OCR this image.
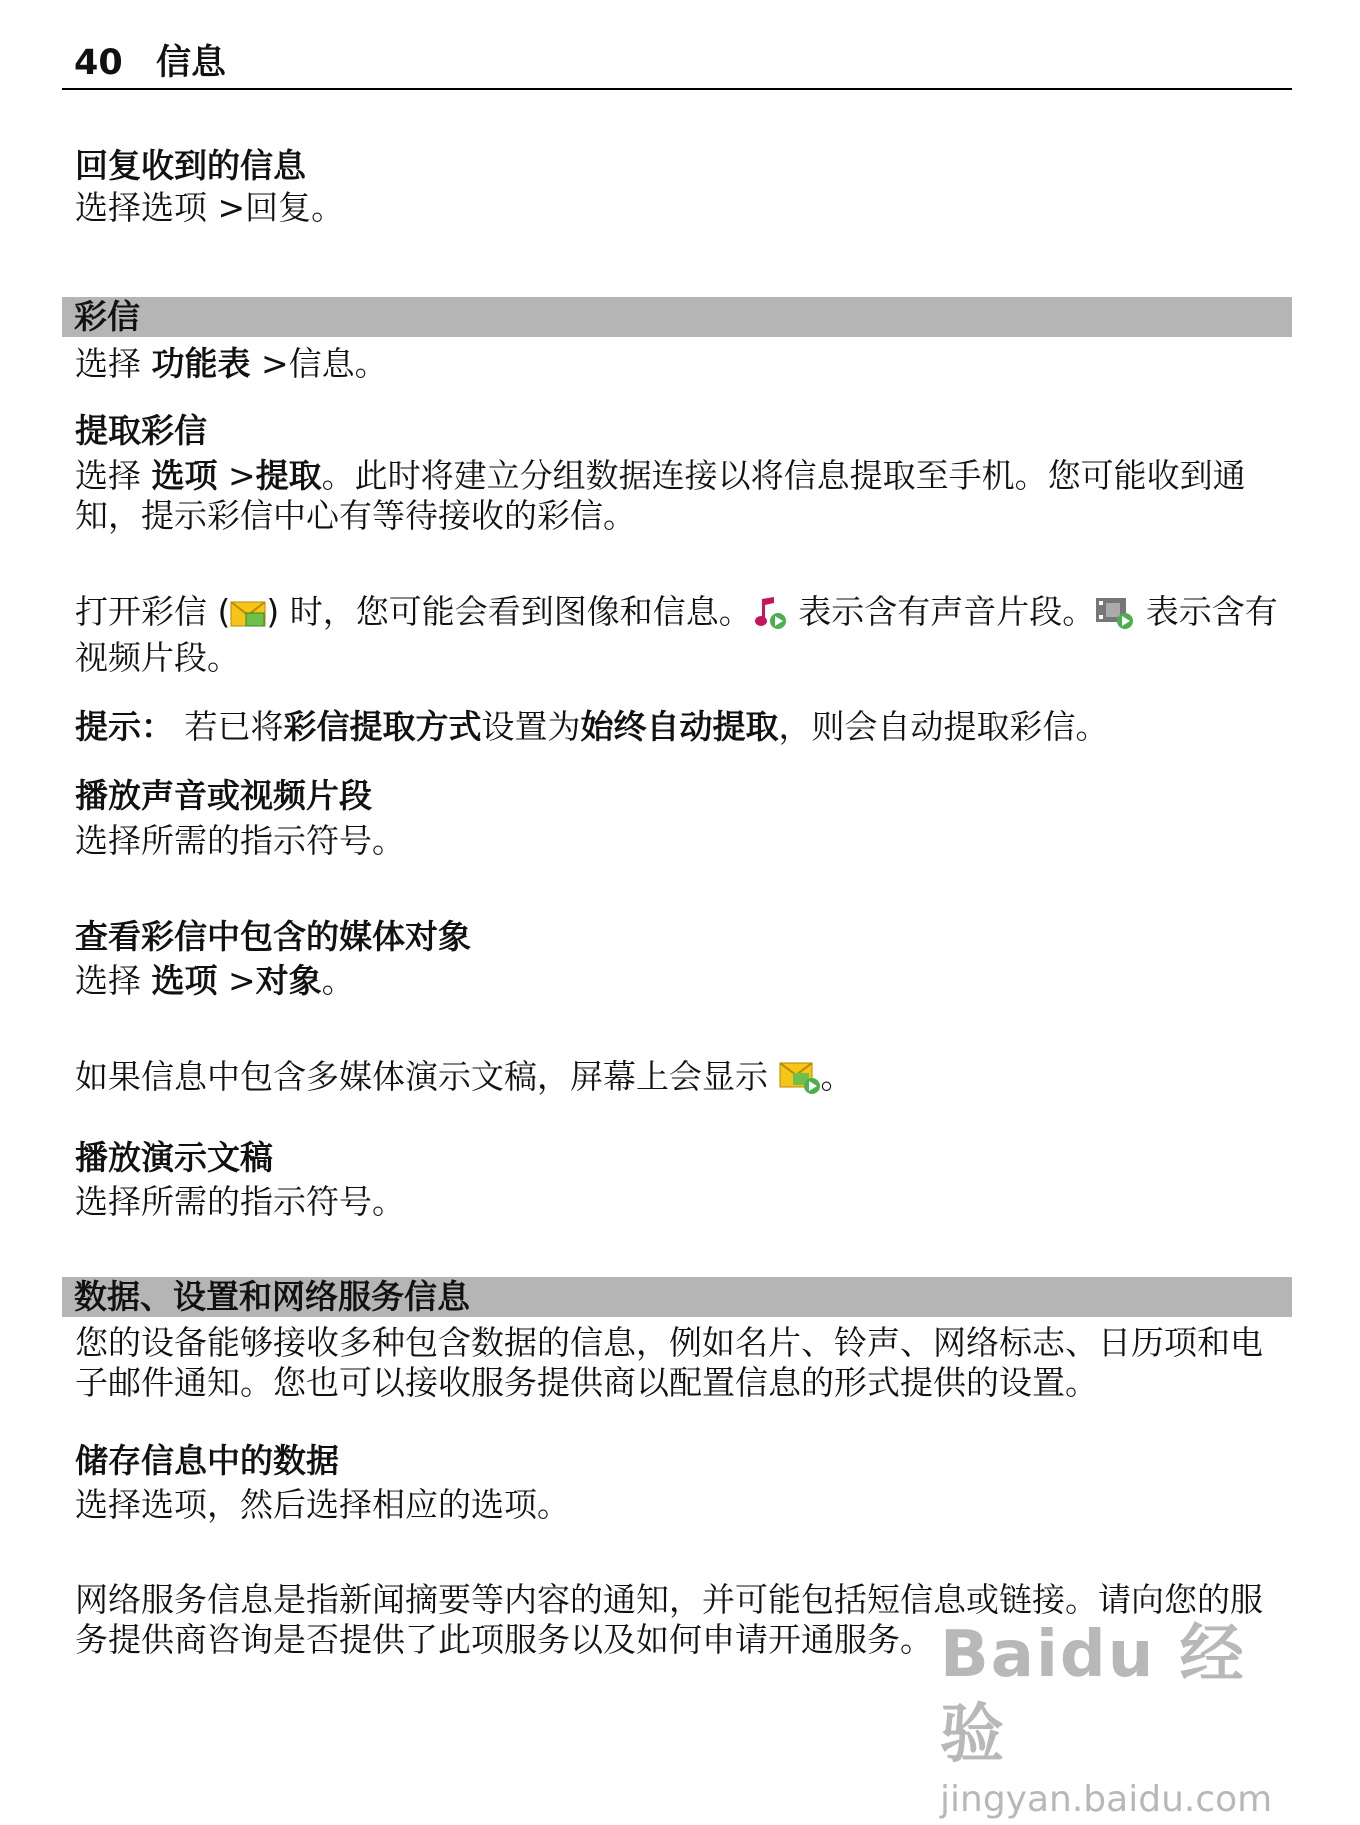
40 信息
回复收到的信息

选择选项 >回复。

彩信

选择 功能表 >信息。

提取彩信

选择 选项 >提取。此时将建立分组数据连接以将信息提取至手机。您可能收到通知，提示彩信中心有等待接收的彩信。

打开彩信 ( ) 时，您可能会看到图像和信息。 表示含有声音片段。 表示含有视频片段。

提示： 若已将彩信提取方式设置为始终自动提取，则会自动提取彩信。

播放声音或视频片段

选择所需的指示符号。

查看彩信中包含的媒体对象

选择 选项 >对象。

如果信息中包含多媒体演示文稿，屏幕上会显示 。

播放演示文稿

选择所需的指示符号。

数据、设置和网络服务信息

您的设备能够接收多种包含数据的信息，例如名片、铃声、网络标志、日历项和电子邮件通知。您也可以接收服务提供商以配置信息的形式提供的设置。

储存信息中的数据

选择选项，然后选择相应的选项。

网络服务信息是指新闻摘要等内容的通知，并可能包括短信息或链接。请向您的服务提供商咨询是否提供了此项服务以及如何申请开通服务。 Baidu 经验
jingyan.baidu.com
